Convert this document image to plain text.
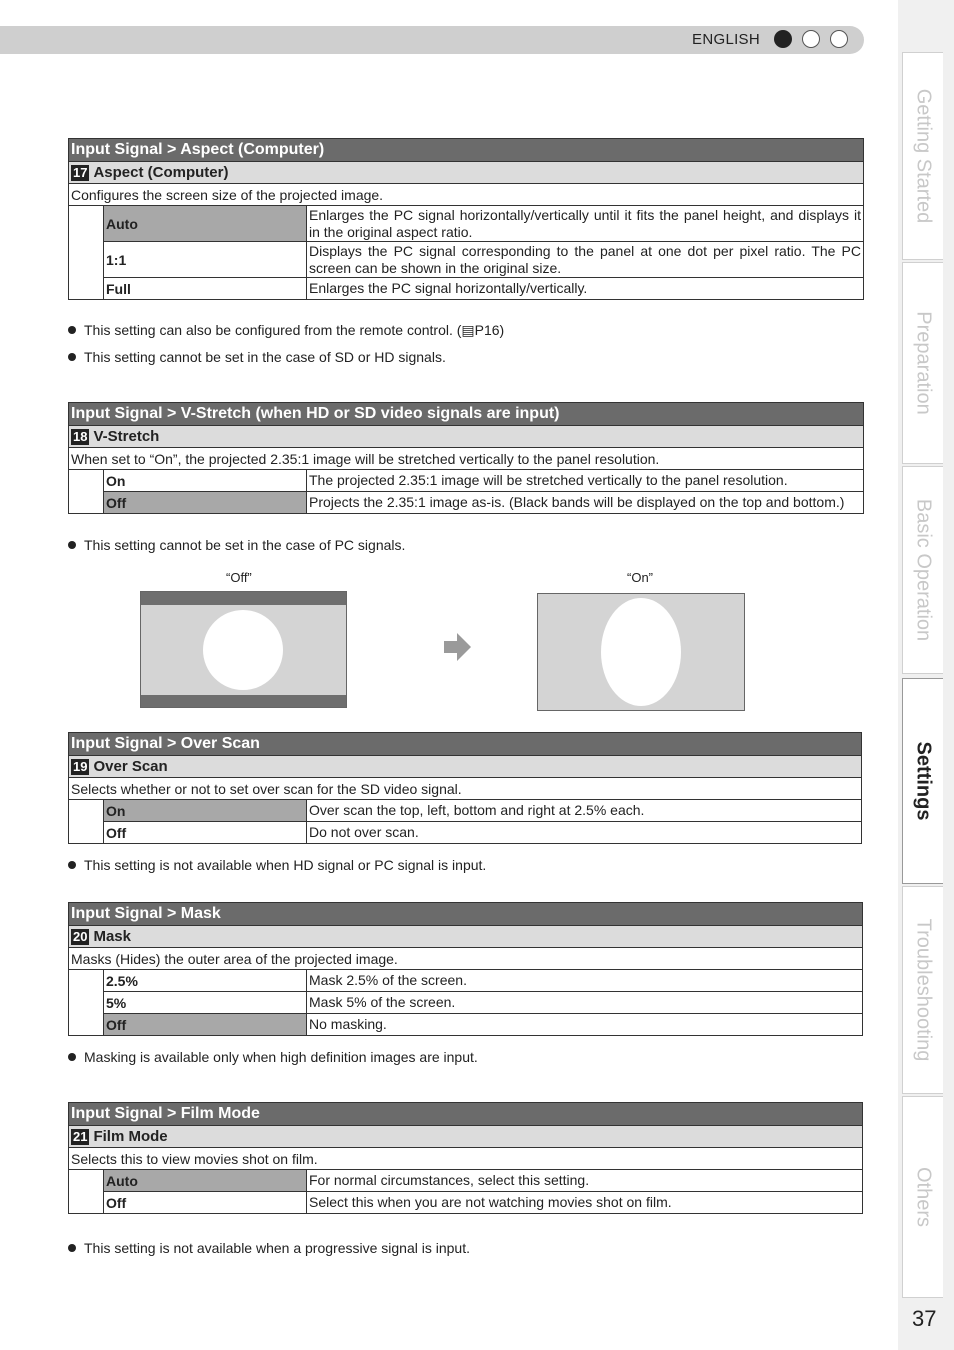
ENGLISH
Getting Started
Preparation
Basic Operation
Settings
Troubleshooting
Others
37
Input Signal > Aspect (Computer)		
17 Aspect (Computer)		
Configures the screen size of the projected image.		
	Auto	Enlarges the PC signal horizontally/vertically until it fits the panel height, and displays it in the original aspect ratio.
	1:1	Displays the PC signal corresponding to the panel at one dot per pixel ratio. The PC screen can be shown in the original size.
	Full	Enlarges the PC signal horizontally/vertically.
This setting can also be configured from the remote control. (▤P16)
This setting cannot be set in the case of SD or HD signals.
Input Signal > V-Stretch (when HD or SD video signals are input)		
18 V-Stretch		
When set to “On”, the projected 2.35:1 image will be stretched vertically to the panel resolution.		
	On	The projected 2.35:1 image will be stretched vertically to the panel resolution.
	Off	Projects the 2.35:1 image as-is. (Black bands will be displayed on the top and bottom.)
This setting cannot be set in the case of PC signals.
“Off”	“On”
Input Signal > Over Scan		
19 Over Scan		
Selects whether or not to set over scan for the SD video signal.		
	On	Over scan the top, left, bottom and right at 2.5% each.
	Off	Do not over scan.
This setting is not available when HD signal or PC signal is input.
Input Signal > Mask		
20 Mask		
Masks (Hides) the outer area of the projected image.		
	2.5%	Mask 2.5% of the screen.
	5%	Mask 5% of the screen.
	Off	No masking.
Masking is available only when high definition images are input.
Input Signal > Film Mode		
21 Film Mode		
Selects this to view movies shot on film.		
	Auto	For normal circumstances, select this setting.
	Off	Select this when you are not watching movies shot on film.
This setting is not available when a progressive signal is input.
